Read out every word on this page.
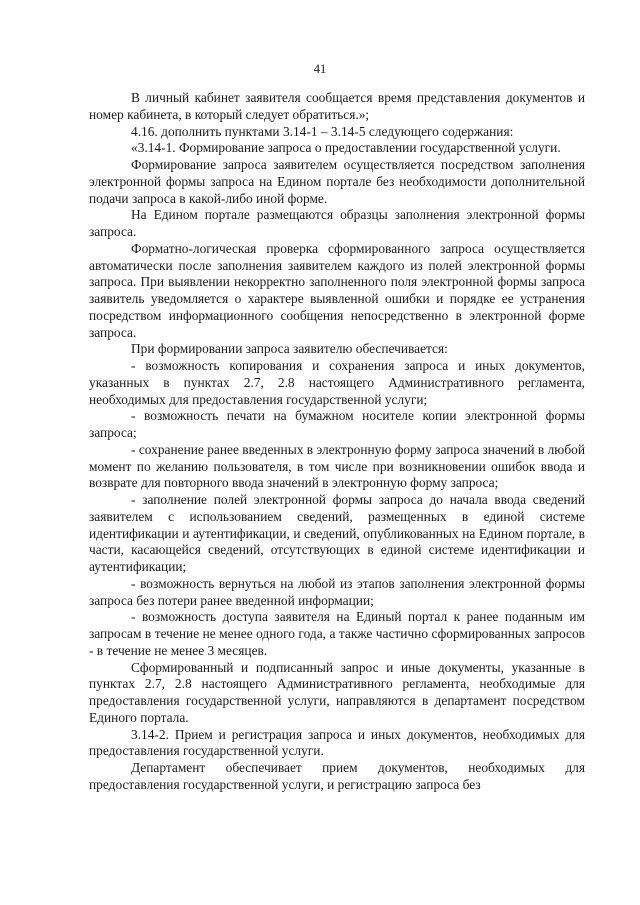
41

В личный кабинет заявителя сообщается время представления документов и номер кабинета, в который следует обратиться.»;

4.16. дополнить пунктами 3.14-1 – 3.14-5 следующего содержания:

«3.14-1. Формирование запроса о предоставлении государственной услуги.

Формирование запроса заявителем осуществляется посредством заполнения электронной формы запроса на Едином портале без необходимости дополнительной подачи запроса в какой-либо иной форме.

На Едином портале размещаются образцы заполнения электронной формы запроса.

Форматно-логическая проверка сформированного запроса осуществляется автоматически после заполнения заявителем каждого из полей электронной формы запроса. При выявлении некорректно заполненного поля электронной формы запроса заявитель уведомляется о характере выявленной ошибки и порядке ее устранения посредством информационного сообщения непосредственно в электронной форме запроса.

При формировании запроса заявителю обеспечивается:

- возможность копирования и сохранения запроса и иных документов, указанных в пунктах 2.7, 2.8 настоящего Административного регламента, необходимых для предоставления государственной услуги;

- возможность печати на бумажном носителе копии электронной формы запроса;

- сохранение ранее введенных в электронную форму запроса значений в любой момент по желанию пользователя, в том числе при возникновении ошибок ввода и возврате для повторного ввода значений в электронную форму запроса;

- заполнение полей электронной формы запроса до начала ввода сведений заявителем с использованием сведений, размещенных в единой системе идентификации и аутентификации, и сведений, опубликованных на Едином портале, в части, касающейся сведений, отсутствующих в единой системе идентификации и аутентификации;

- возможность вернуться на любой из этапов заполнения электронной формы запроса без потери ранее введенной информации;

- возможность доступа заявителя на Единый портал к ранее поданным им запросам в течение не менее одного года, а также частично сформированных запросов - в течение не менее 3 месяцев.

Сформированный и подписанный запрос и иные документы, указанные в пунктах 2.7, 2.8 настоящего Административного регламента, необходимые для предоставления государственной услуги, направляются в департамент посредством Единого портала.

3.14-2. Прием и регистрация запроса и иных документов, необходимых для предоставления государственной услуги.

Департамент обеспечивает прием документов, необходимых для предоставления государственной услуги, и регистрацию запроса без
